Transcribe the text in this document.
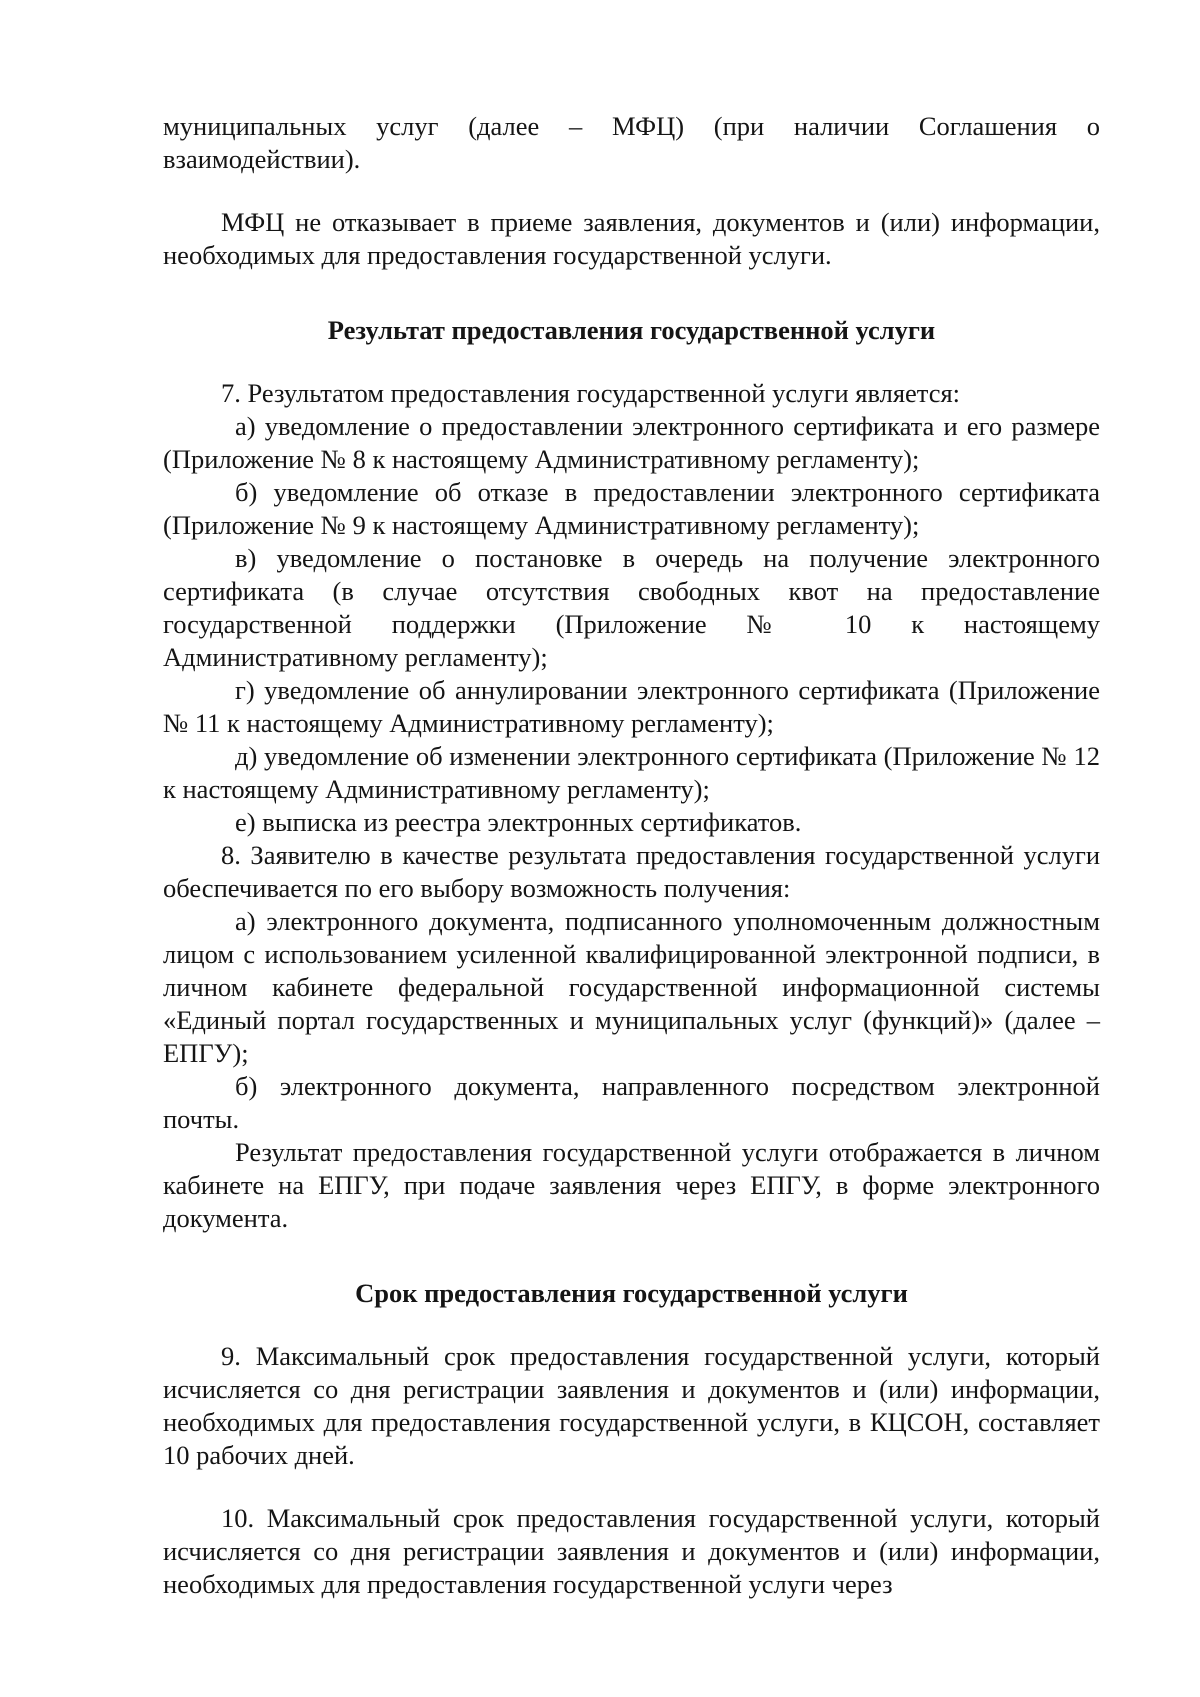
муниципальных услуг (далее – МФЦ) (при наличии Соглашения о взаимодействии).

МФЦ не отказывает в приеме заявления, документов и (или) информации, необходимых для предоставления государственной услуги.

Результат предоставления государственной услуги

7. Результатом предоставления государственной услуги является:

а) уведомление о предоставлении электронного сертификата и его размере (Приложение № 8 к настоящему Административному регламенту);

б) уведомление об отказе в предоставлении электронного сертификата (Приложение № 9 к настоящему Административному регламенту);

в) уведомление о постановке в очередь на получение электронного сертификата (в случае отсутствия свободных квот на предоставление государственной поддержки (Приложение № 10 к настоящему Административному регламенту);

г) уведомление об аннулировании электронного сертификата (Приложение № 11 к настоящему Административному регламенту);

д) уведомление об изменении электронного сертификата (Приложение № 12 к настоящему Административному регламенту);

е) выписка из реестра электронных сертификатов.

8. Заявителю в качестве результата предоставления государственной услуги обеспечивается по его выбору возможность получения:

а) электронного документа, подписанного уполномоченным должностным лицом с использованием усиленной квалифицированной электронной подписи, в личном кабинете федеральной государственной информационной системы «Единый портал государственных и муниципальных услуг (функций)» (далее – ЕПГУ);

б) электронного документа, направленного посредством электронной почты.

Результат предоставления государственной услуги отображается в личном кабинете на ЕПГУ, при подаче заявления через ЕПГУ, в форме электронного документа.

Срок предоставления государственной услуги

9. Максимальный срок предоставления государственной услуги, который исчисляется со дня регистрации заявления и документов и (или) информации, необходимых для предоставления государственной услуги, в КЦСОН, составляет 10 рабочих дней.

10. Максимальный срок предоставления государственной услуги, который исчисляется со дня регистрации заявления и документов и (или) информации, необходимых для предоставления государственной услуги через
